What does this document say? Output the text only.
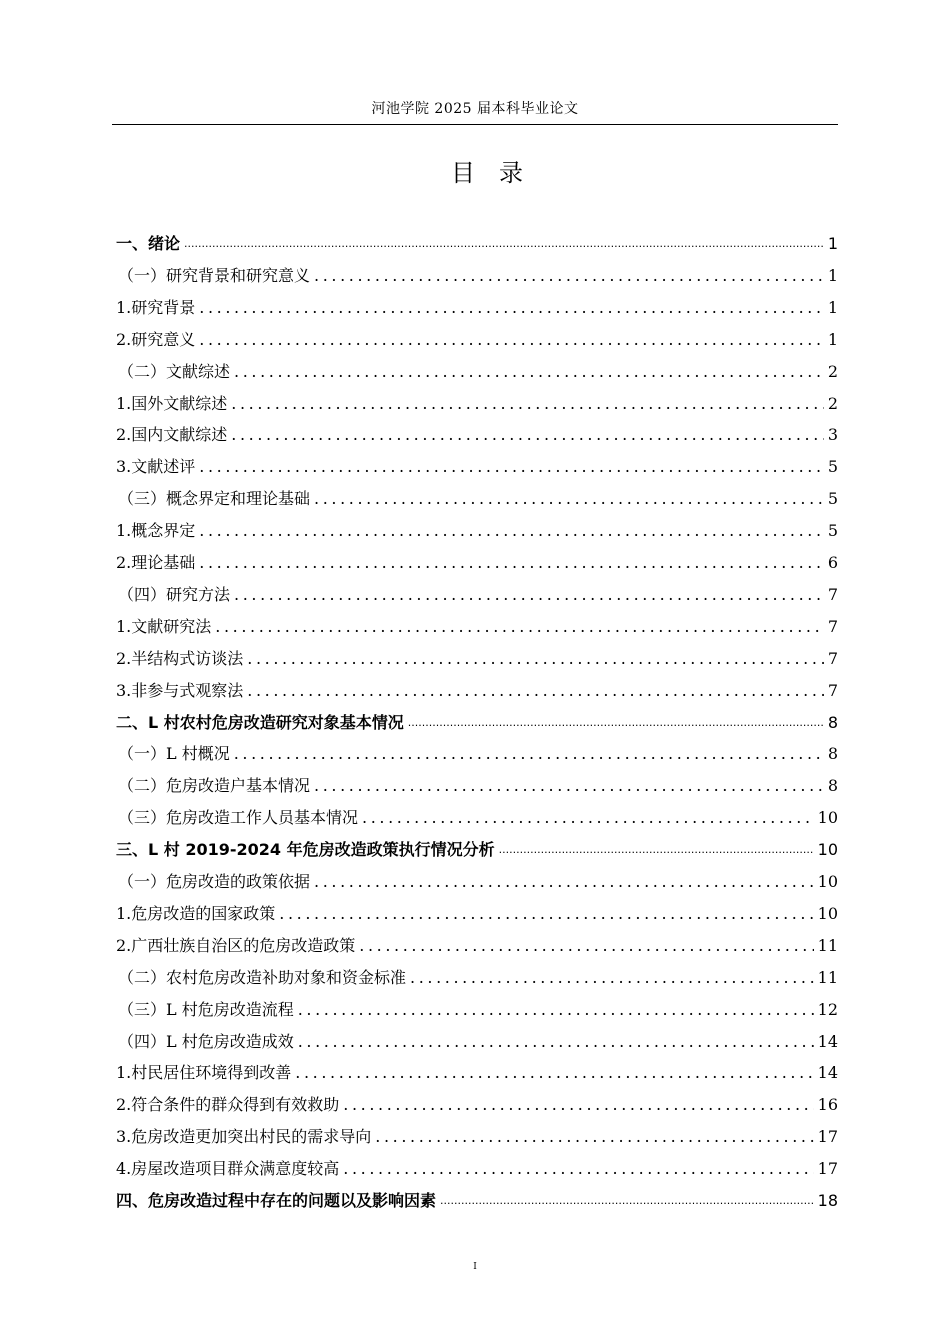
河池学院 2025 届本科毕业论文
目录
一、绪论 .....	1
（一）研究背景和研究意义 .....	1
1.研究背景 .....	1
2.研究意义 .....	1
（二）文献综述 .....	2
1.国外文献综述 .....	2
2.国内文献综述 .....	3
3.文献述评 .....	5
（三）概念界定和理论基础 .....	5
1.概念界定 .....	5
2.理论基础 .....	6
（四）研究方法 .....	7
1.文献研究法 .....	7
2.半结构式访谈法 .....	7
3.非参与式观察法 .....	7
二、L 村农村危房改造研究对象基本情况 .....	8
（一）L 村概况 .....	8
（二）危房改造户基本情况 .....	8
（三）危房改造工作人员基本情况 .....	10
三、L 村 2019-2024 年危房改造政策执行情况分析 .....	10
（一）危房改造的政策依据 .....	10
1.危房改造的国家政策 .....	10
2.广西壮族自治区的危房改造政策 .....	11
（二）农村危房改造补助对象和资金标准 .....	11
（三）L 村危房改造流程 .....	12
（四）L 村危房改造成效 .....	14
1.村民居住环境得到改善 .....	14
2.符合条件的群众得到有效救助 .....	16
3.危房改造更加突出村民的需求导向 .....	17
4.房屋改造项目群众满意度较高 .....	17
四、危房改造过程中存在的问题以及影响因素 .....	18
I
